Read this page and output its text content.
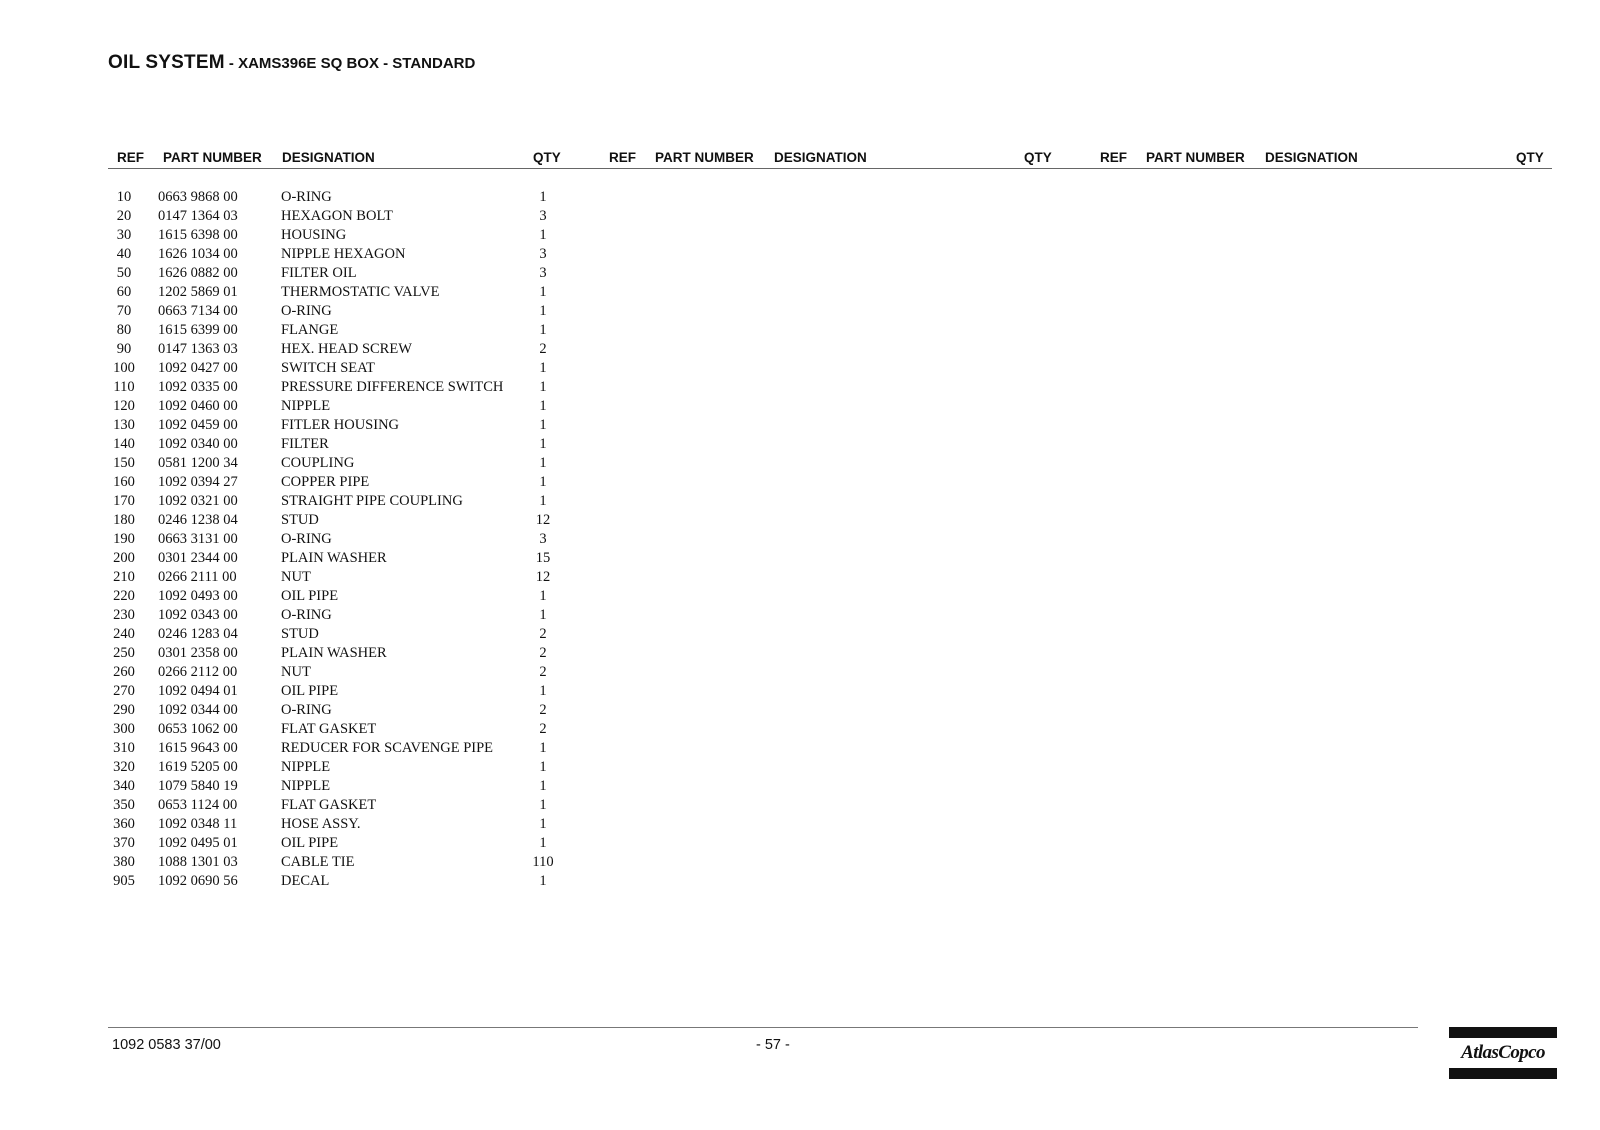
OIL SYSTEM - XAMS396E SQ BOX - STANDARD
REF PART NUMBER DESIGNATION	QTY	REF PART NUMBER DESIGNATION	QTY	REF PART NUMBER DESIGNATION	QTY
10	0663 9868 00	O-RING	1
20	0147 1364 03	HEXAGON BOLT	3
30	1615 6398 00	HOUSING	1
40	1626 1034 00	NIPPLE HEXAGON	3
50	1626 0882 00	FILTER OIL	3
60	1202 5869 01	THERMOSTATIC VALVE	1
70	0663 7134 00	O-RING	1
80	1615 6399 00	FLANGE	1
90	0147 1363 03	HEX. HEAD SCREW	2
100	1092 0427 00	SWITCH SEAT	1
110	1092 0335 00	PRESSURE DIFFERENCE SWITCH	1
120	1092 0460 00	NIPPLE	1
130	1092 0459 00	FITLER HOUSING	1
140	1092 0340 00	FILTER	1
150	0581 1200 34	COUPLING	1
160	1092 0394 27	COPPER PIPE	1
170	1092 0321 00	STRAIGHT PIPE COUPLING	1
180	0246 1238 04	STUD	12
190	0663 3131 00	O-RING	3
200	0301 2344 00	PLAIN WASHER	15
210	0266 2111 00	NUT	12
220	1092 0493 00	OIL PIPE	1
230	1092 0343 00	O-RING	1
240	0246 1283 04	STUD	2
250	0301 2358 00	PLAIN WASHER	2
260	0266 2112 00	NUT	2
270	1092 0494 01	OIL PIPE	1
290	1092 0344 00	O-RING	2
300	0653 1062 00	FLAT GASKET	2
310	1615 9643 00	REDUCER FOR SCAVENGE PIPE	1
320	1619 5205 00	NIPPLE	1
340	1079 5840 19	NIPPLE	1
350	0653 1124 00	FLAT GASKET	1
360	1092 0348 11	HOSE ASSY.	1
370	1092 0495 01	OIL PIPE	1
380	1088 1301 03	CABLE TIE	110
905	1092 0690 56	DECAL	1
1092 0583 37/00	- 57 -	AtlasCopco
